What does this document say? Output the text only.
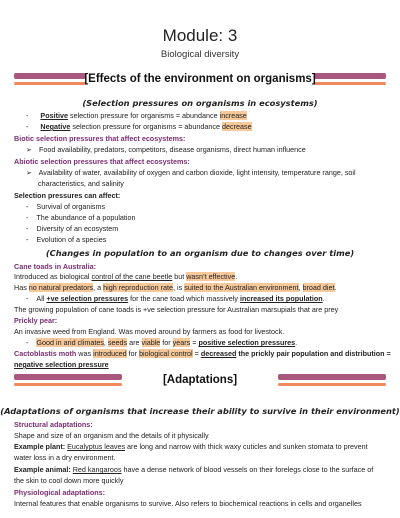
Module: 3
Biological diversity
[Effects of the environment on organisms]
(Selection pressures on organisms in ecosystems)
- Positive selection pressure for organisms = abundance increase
- Negative selection pressure for organisms = abundance decrease
Biotic selection pressures that affect ecosystems:
➢ Food availability, predators, competitors, disease organisms, direct human influence
Abiotic selection pressures that affect ecosystems:
➢ Availability of water, availability of oxygen and carbon dioxide, light intensity, temperature range, soil
characteristics, and salinity
Selection pressures can affect:
- Survival of organisms
- The abundance of a population
- Diversity of an ecosystem
- Evolution of a species
(Changes in population to an organism due to changes over time)
Cane toads in Australia:
Introduced as biological control of the cane beetle but wasn’t effective.
Has no natural predators, a high reproduction rate, is suited to the Australian environment, broad diet.
- All +ve selection pressures for the cane toad which massively increased its population.
The growing population of cane toads is +ve selection pressure for Australian marsupials that are prey
Prickly pear:
An invasive weed from England. Was moved around by farmers as food for livestock.
- Good in arid climates, seeds are viable for years = positive selection pressures.
Cactoblastis moth was introduced for biological control = decreased the prickly pair population and distribution =
negative selection pressure
[Adaptations]
(Adaptations of organisms that increase their ability to survive in their environment)
Structural adaptations:
Shape and size of an organism and the details of it physically
Example plant: Eucalyptus leaves are long and narrow with thick waxy cuticles and sunken stomata to prevent
water loss in a dry environment.
Example animal: Red kangaroos have a dense network of blood vessels on their forelegs close to the surface of
the skin to cool down more quickly
Physiological adaptations:
Internal features that enable organisms to survive. Also refers to biochemical reactions in cells and organelles
